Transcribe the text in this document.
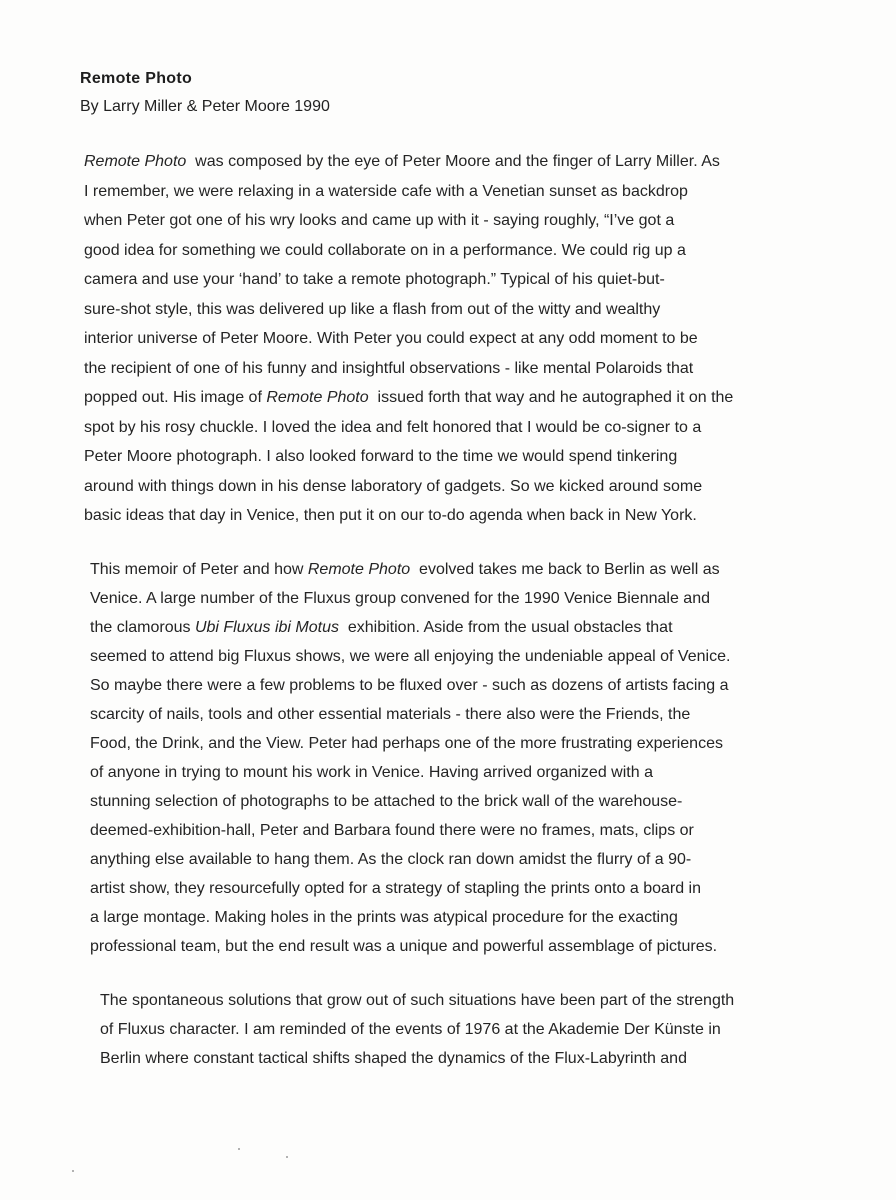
Remote Photo
By Larry Miller & Peter Moore 1990
Remote Photo  was composed by the eye of Peter Moore and the finger of Larry Miller. As
I remember, we were relaxing in a waterside cafe with a Venetian sunset as backdrop
when Peter got one of his wry looks and came up with it - saying roughly, “I’ve got a
good idea for something we could collaborate on in a performance. We could rig up a
camera and use your ‘hand’ to take a remote photograph.” Typical of his quiet-but-
sure-shot style, this was delivered up like a flash from out of the witty and wealthy
interior universe of Peter Moore. With Peter you could expect at any odd moment to be
the recipient of one of his funny and insightful observations - like mental Polaroids that
popped out. His image of Remote Photo  issued forth that way and he autographed it on the
spot by his rosy chuckle. I loved the idea and felt honored that I would be co-signer to a
Peter Moore photograph. I also looked forward to the time we would spend tinkering
around with things down in his dense laboratory of gadgets. So we kicked around some
basic ideas that day in Venice, then put it on our to-do agenda when back in New York.
This memoir of Peter and how Remote Photo  evolved takes me back to Berlin as well as
Venice. A large number of the Fluxus group convened for the 1990 Venice Biennale and
the clamorous Ubi Fluxus ibi Motus  exhibition. Aside from the usual obstacles that
seemed to attend big Fluxus shows, we were all enjoying the undeniable appeal of Venice.
So maybe there were a few problems to be fluxed over - such as dozens of artists facing a
scarcity of nails, tools and other essential materials - there also were the Friends, the
Food, the Drink, and the View. Peter had perhaps one of the more frustrating experiences
of anyone in trying to mount his work in Venice. Having arrived organized with a
stunning selection of photographs to be attached to the brick wall of the warehouse-
deemed-exhibition-hall, Peter and Barbara found there were no frames, mats, clips or
anything else available to hang them. As the clock ran down amidst the flurry of a 90-
artist show, they resourcefully opted for a strategy of stapling the prints onto a board in
a large montage. Making holes in the prints was atypical procedure for the exacting
professional team, but the end result was a unique and powerful assemblage of pictures.
The spontaneous solutions that grow out of such situations have been part of the strength
of Fluxus character. I am reminded of the events of 1976 at the Akademie Der Künste in
Berlin where constant tactical shifts shaped the dynamics of the Flux-Labyrinth and
